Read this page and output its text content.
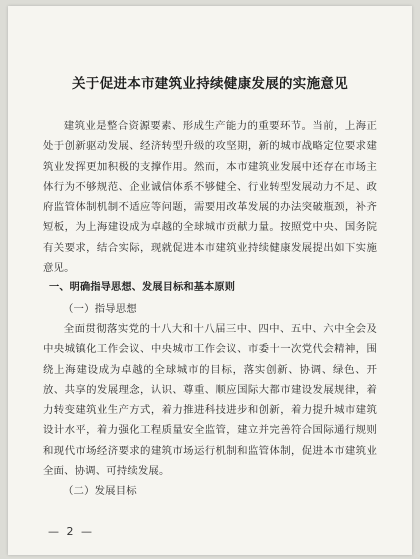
关于促进本市建筑业持续健康发展的实施意见

建筑业是整合资源要素、形成生产能力的重要环节。当前，上海正处于创新驱动发展、经济转型升级的攻坚期，新的城市战略定位要求建筑业发挥更加积极的支撑作用。然而，本市建筑业发展中还存在市场主体行为不够规范、企业诚信体系不够健全、行业转型发展动力不足、政府监管体制机制不适应等问题，需要用改革发展的办法突破瓶颈，补齐短板，为上海建设成为卓越的全球城市贡献力量。按照党中央、国务院有关要求，结合实际，现就促进本市建筑业持续健康发展提出如下实施意见。

一、明确指导思想、发展目标和基本原则

（一）指导思想

全面贯彻落实党的十八大和十八届三中、四中、五中、六中全会及中央城镇化工作会议、中央城市工作会议、市委十一次党代会精神，围绕上海建设成为卓越的全球城市的目标，落实创新、协调、绿色、开放、共享的发展理念，认识、尊重、顺应国际大都市建设发展规律，着力转变建筑业生产方式，着力推进科技进步和创新，着力提升城市建筑设计水平，着力强化工程质量安全监管，建立并完善符合国际通行规则和现代市场经济要求的建筑市场运行机制和监管体制，促进本市建筑业全面、协调、可持续发展。

（二）发展目标

— 2 —
